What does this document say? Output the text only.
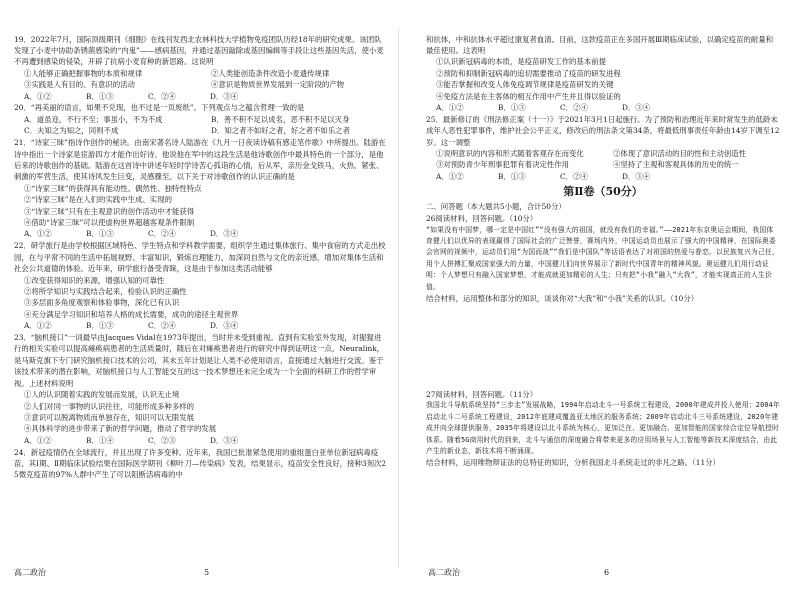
19．2022年7月，国际顶级期刊《细胞》在线刊发西北农林科技大学植物免疫团队历经18年的研究成果。该团队发现了小麦中协助条锈菌感染的“内鬼”——感病基因，并通过基因敲除或基因编辑等手段让这些基因失活，使小麦不再遭到感染的侵染，开辟了抗病小麦育种的新思路。这说明
①人能够正确把握事物的本质和规律	②人类能创造条件改造小麦遗传规律
③实践是人有目的、有意识的活动	④意识是物质世界发展到一定阶段的产物
A．①②	B．①③	C．②④	D．③④
20．“再美丽的语言，如果不兑现，也不过是一页废纸”。下列观点与之蕴含哲理一致的是
A．道虽迩，不行不至；事虽小，不为不成	B．善不积不足以成名，恶不积不足以灭身
C．夫知之为知之，同则不成	D．知之者不如好之者，好之者不如乐之者
21．“诗家三昧”指诗作创作的秘诀。由南宋著名诗人陆游在《九月一日夜读诗稿有感走笔作歌》中所提出。陆游在诗中指出一个诗家是宦游四方才能作出好诗。他说他在军中的这段生活是他诗歌创作中最具特色的一个部分，是他后来的诗歌创作的基础。陆游在这首诗中讲述年轻时学诗苦心孤诣的心情，后从军，亲历金戈铁马，火热、紧张、刺激的军营生活，使其诗风发生巨变，灵感骤至。以下关于对诗歌创作的认识正确的是
①“诗家三昧”的获得具有能动性、偶然性、独特性特点
②“诗家三昧”是在人们的实践中生成、实现的
③“诗家三昧”只有在主观意识的创作活动中才能获得
④借助“诗家三昧”可以使虚构世界超越客观条件限制
A．①②	B．①③	C．②④	D．③④
22．研学旅行是由学校根据区域特色、学生特点和学科教学需要，组织学生通过集体旅行、集中食宿的方式走出校园，在与平常不同的生活中拓展视野、丰富知识，锻炼自理能力，加深同自然与文化的亲近感，增加对集体生活和社会公共道德的体验。近年来，研学旅行备受青睐，这是由于参加这类活动能够
①改变获得知识的来源，增强认知的可靠性
②将所学知识与实践结合起来，检验认识的正确性
③多层面多角度观察和体验事物，深化已有认识
④充分满足学习知识和培养人格的成长需要，成功的途径主观世界
A．①②	B．①③	C．②④	D．③④
23．“脑机接口”一词最早由Jacques Vidal在1973年提出，当时并未受到重视。直到有实验室外发现，对猩猩进行的相关实验可以提高瘫痪病患者的生活质量时，随后在对瘫痪患者进行的研究中得到证明这一点。Neuralink，是马斯克旗下专门研究脑机接口技术的公司，其未五年计划是让人类不必使用语言，直接通过大脑进行交流。鉴于该技术带来的潜在影响，对脑机接口与人工智能交互的这一技术梦想还未完全成为一个全面的科研工作的哲学审视。上述材料说明
①人的认识随着实践的发展而发展，认识无止境
②人们对同一事物的认识往往，可能形成多种多样的
③意识可以脱离物质而单独存在，知识可以无限发展
④具体科学的进步带来了新的哲学问题，推动了哲学的发展
A．①②	B．①④	C．②③	D．③④
24．新冠疫情仍在全球流行，并且出现了许多变种。近年来，我国已批准紧急使用的重组蛋白亚单位新冠病毒疫苗，其Ⅰ期、Ⅱ期临床试验结果在国际医学期刊《柳叶刀—传染病》发表，结果显示，疫苗安全性良好，接种3剂次25微克疫苗的97%人群中产生了可以阻断活病毒的中
高二政治	5
和抗体，中和抗体水平超过康复者血清。目前，这款疫苗正在多国开展Ⅲ期临床试验，以确定疫苗的耐量和最佳使用。这表明
①认识新冠病毒的本质，是疫苗研发工作的基本前提
②预防和抑制新冠病毒的追切需要推动了疫苗的研发进程
③能否掌握和改变人体免疫调节规律是疫苗研发的关键
④免疫方法是在主客体的相互作用中产生并且得以验证的
A．①②	B．①③	C．②④	D．③④
25．最新修订的《刑法修正案（十一）》于2021年3月1日起施行。为了预防和治理近年来时常发生的低龄未成年人恶性犯罪事件，维护社会公平正义，修改后的刑法条文第34条，将最低刑事责任年龄由14岁下调至12岁。这一调整
①说明意识的内容和形式随着客观存在而变化	②体现了意识活动的目的性和主动创造性
③对预防青少年刑事犯罪有着决定性作用	④坚持了主观和客观具体的历史的统一
A．①②	B．①③	C．②④	D．③④
第Ⅱ卷（50分）
二、问答题（本大题共5小题，合计50分）
26阅读材料，回答问题。（10分）
“如果没有中国梦，哪一定是中国红”“没有强大的祖国，就没有我们的幸福。”——2021年东京奥运会期间，我国体育健儿们以优异的表现赢得了国际社会的广泛赞誉，赛场内外，中国运动员也展示了强大的中国精神，在国际奥委会官网的视频中，运动员们用“为国而战”“我们是中国队”等话语表达了对祖国的热爱与眷恋。以民族复兴为己任，用个人拼搏汇聚成国家强大的力量，中国健儿们向世界展示了新时代中国青年的精神风貌。奥运健儿们用行动证明：个人梦想只有融入国家梦想，才能成就更加精彩的人生；只有把“小我”融入“大我”，才能实现真正的人生价值。
结合材料，运用整体和部分的知识，谈谈你对“大我”和“小我”关系的认识。（10分）
27阅读材料，回答问题。（11分）
我国北斗导航系统坚持“三步走”发展战略，1994年启动北斗一号系统工程建设，2000年建成并投入使用；2004年启动北斗二号系统工程建设，2012年底建成覆盖亚太地区的服务系统；2009年启动北斗三号系统建设，2020年建成并向全球提供服务，2035年将建设以北斗系统为核心，更加泛在、更加融合、更加智能的国家综合定位导航授时体系。随着5G商用时代的到来，北斗与通信的深度融合将带来更多的应用场景与人工智能等新技术深度结合，由此产生的新业态，新技术将不断涌现。
结合材料，运用唯物辩证法的总特征的知识，分析我国北斗系统走过的非凡之路。（11分）
高二政治	6
